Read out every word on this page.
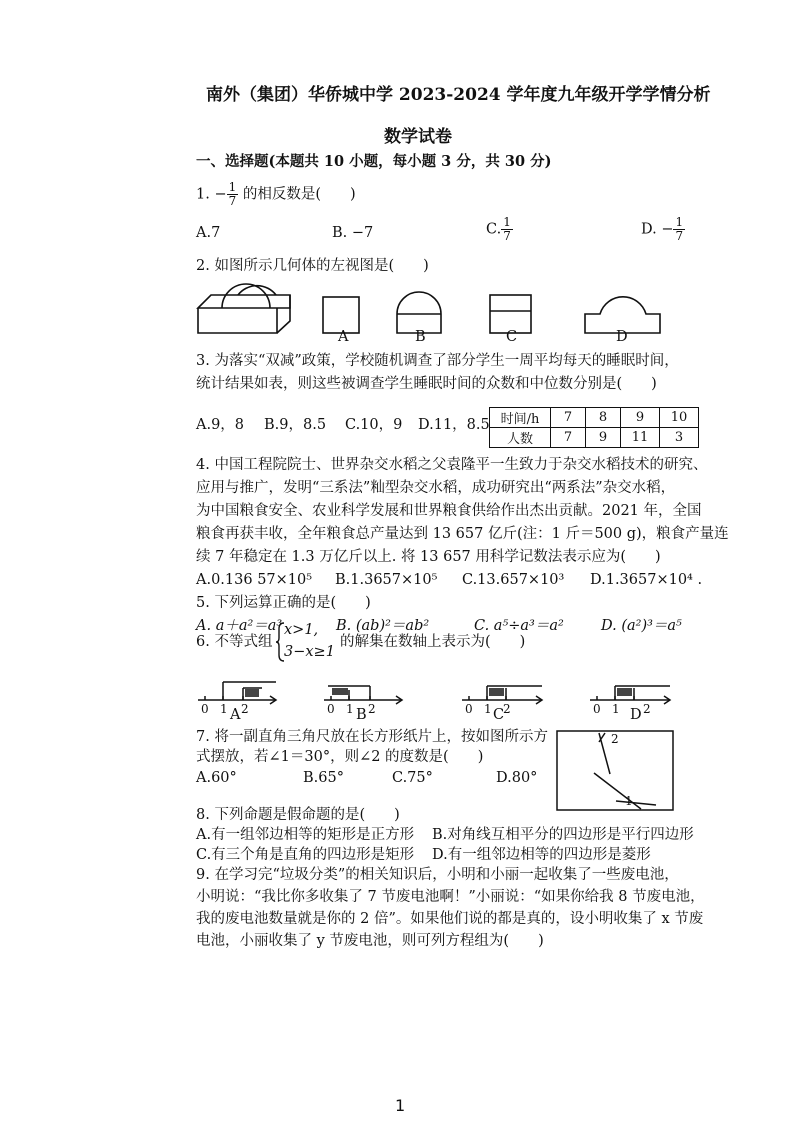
南外（集团）华侨城中学 2023-2024 学年度九年级开学学情分析
数学试卷
一、选择题(本题共 10 小题，每小题 3 分，共 30 分)
1. − $\frac{1}{7}$ 的相反数是(　　)
A.7	B. −7	C. $\frac{1}{7}$	D. − $\frac{1}{7}$
2. 如图所示几何体的左视图是(　　)
A	B	C	D
3. 为落实“双减”政策，学校随机调查了部分学生一周平均每天的睡眠时间，
统计结果如表，则这些被调查学生睡眠时间的众数和中位数分别是(　　)
A.9，8 B.9，8.5 C.10，9 D.11，8.5 时间/h	7	8	9	10
人数	7	9	11	3
4. 中国工程院院士、世界杂交水稻之父袁隆平一生致力于杂交水稻技术的研究、
应用与推广，发明“三系法”籼型杂交水稻，成功研究出“两系法”杂交水稻，
为中国粮食安全、农业科学发展和世界粮食供给作出杰出贡献。2021 年，全国
粮食再获丰收，全年粮食总产量达到 13 657 亿斤(注：1 斤＝500 g)，粮食产量连
续 7 年稳定在 1.3 万亿斤以上. 将 13 657 用科学记数法表示应为(　　)
A.0.136 57×10⁵ B.1.3657×10⁵ C.13.657×10³ D.1.3657×10⁴ .
5. 下列运算正确的是(　　)
A. a＋a²＝a³	B. (ab)²＝ab²	C. a⁵÷a³＝a²	D. (a²)³＝a⁵
6. 不等式组
x>1,
3−x≥1
的解集在数轴上表示为(　　)
0 1 A 2	0 1 B 2	0 1 C
2	0 1 D 2
7. 将一副直角三角尺放在长方形纸片上，按如图所示方
式摆放，若∠1＝30°，则∠2 的度数是(　　)
A.60°	B.65°	C.75°	D.80°
2
1
8. 下列命题是假命题的是(　　)
A.有一组邻边相等的矩形是正方形 B.对角线互相平分的四边形是平行四边形
C.有三个角是直角的四边形是矩形 D.有一组邻边相等的四边形是菱形
9. 在学习完“垃圾分类”的相关知识后，小明和小丽一起收集了一些废电池，
小明说：“我比你多收集了 7 节废电池啊！”小丽说：“如果你给我 8 节废电池，
我的废电池数量就是你的 2 倍”。如果他们说的都是真的，设小明收集了 x 节废
电池，小丽收集了 y 节废电池，则可列方程组为(　　)
1
